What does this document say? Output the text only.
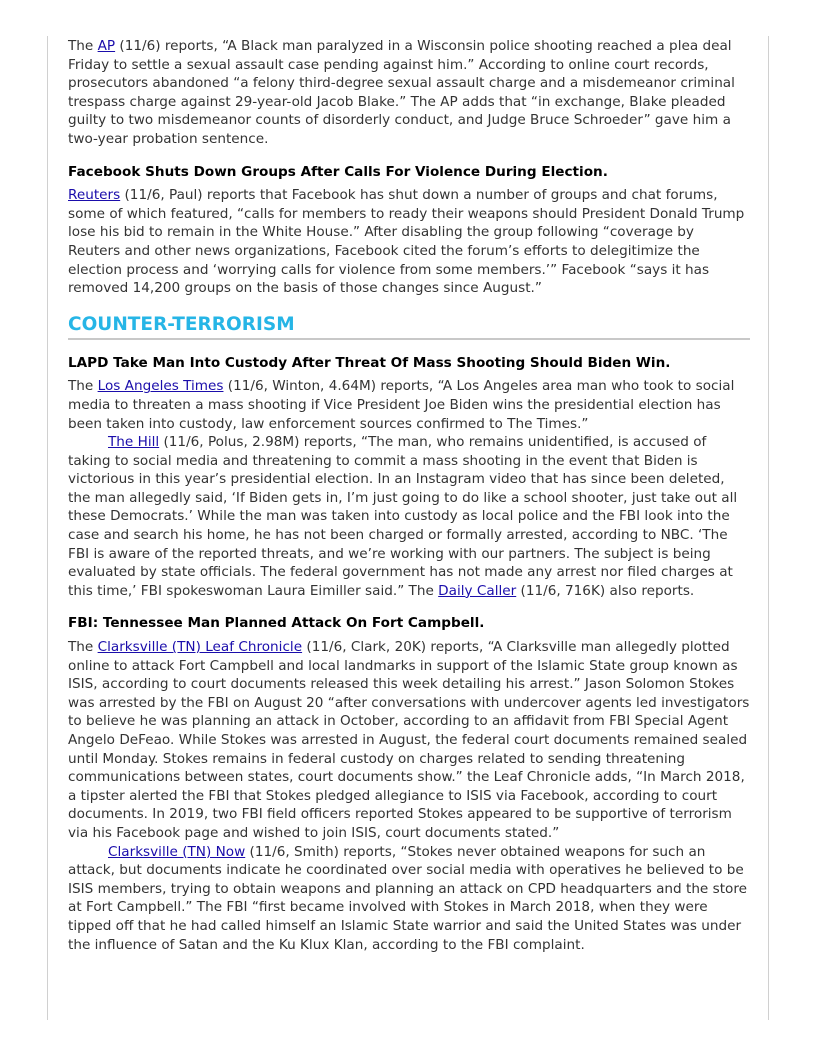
The AP (11/6) reports, “A Black man paralyzed in a Wisconsin police shooting reached a plea deal Friday to settle a sexual assault case pending against him.” According to online court records, prosecutors abandoned “a felony third-degree sexual assault charge and a misdemeanor criminal trespass charge against 29-year-old Jacob Blake.” The AP adds that “in exchange, Blake pleaded guilty to two misdemeanor counts of disorderly conduct, and Judge Bruce Schroeder” gave him a two-year probation sentence.

Facebook Shuts Down Groups After Calls For Violence During Election.

Reuters (11/6, Paul) reports that Facebook has shut down a number of groups and chat forums, some of which featured, “calls for members to ready their weapons should President Donald Trump lose his bid to remain in the White House.” After disabling the group following “coverage by Reuters and other news organizations, Facebook cited the forum’s efforts to delegitimize the election process and ‘worrying calls for violence from some members.’” Facebook “says it has removed 14,200 groups on the basis of those changes since August.”

COUNTER-TERRORISM
LAPD Take Man Into Custody After Threat Of Mass Shooting Should Biden Win.

The Los Angeles Times (11/6, Winton, 4.64M) reports, “A Los Angeles area man who took to social media to threaten a mass shooting if Vice President Joe Biden wins the presidential election has been taken into custody, law enforcement sources confirmed to The Times.”

The Hill (11/6, Polus, 2.98M) reports, “The man, who remains unidentified, is accused of taking to social media and threatening to commit a mass shooting in the event that Biden is victorious in this year’s presidential election. In an Instagram video that has since been deleted, the man allegedly said, ‘If Biden gets in, I’m just going to do like a school shooter, just take out all these Democrats.’ While the man was taken into custody as local police and the FBI look into the case and search his home, he has not been charged or formally arrested, according to NBC. ‘The FBI is aware of the reported threats, and we’re working with our partners. The subject is being evaluated by state officials. The federal government has not made any arrest nor filed charges at this time,’ FBI spokeswoman Laura Eimiller said.” The Daily Caller (11/6, 716K) also reports.

FBI: Tennessee Man Planned Attack On Fort Campbell.

The Clarksville (TN) Leaf Chronicle (11/6, Clark, 20K) reports, “A Clarksville man allegedly plotted online to attack Fort Campbell and local landmarks in support of the Islamic State group known as ISIS, according to court documents released this week detailing his arrest.” Jason Solomon Stokes was arrested by the FBI on August 20 “after conversations with undercover agents led investigators to believe he was planning an attack in October, according to an affidavit from FBI Special Agent Angelo DeFeao. While Stokes was arrested in August, the federal court documents remained sealed until Monday. Stokes remains in federal custody on charges related to sending threatening communications between states, court documents show.” the Leaf Chronicle adds, “In March 2018, a tipster alerted the FBI that Stokes pledged allegiance to ISIS via Facebook, according to court documents. In 2019, two FBI field officers reported Stokes appeared to be supportive of terrorism via his Facebook page and wished to join ISIS, court documents stated.”

Clarksville (TN) Now (11/6, Smith) reports, “Stokes never obtained weapons for such an attack, but documents indicate he coordinated over social media with operatives he believed to be ISIS members, trying to obtain weapons and planning an attack on CPD headquarters and the store at Fort Campbell.” The FBI “first became involved with Stokes in March 2018, when they were tipped off that he had called himself an Islamic State warrior and said the United States was under the influence of Satan and the Ku Klux Klan, according to the FBI complaint.
